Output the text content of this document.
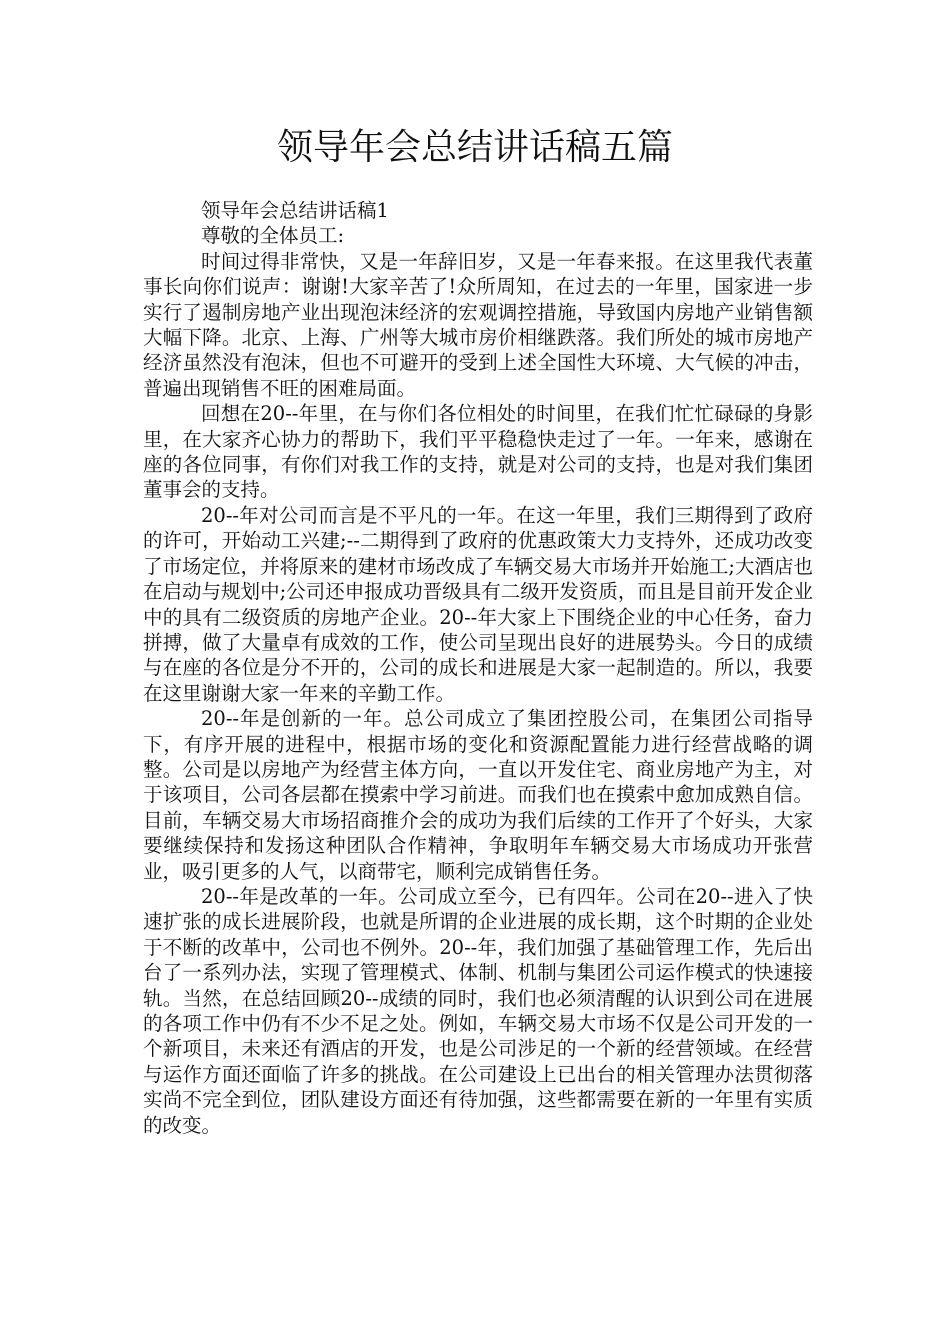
领导年会总结讲话稿五篇

领导年会总结讲话稿1

尊敬的全体员工:

时间过得非常快，又是一年辞旧岁，又是一年春来报。在这里我代表董事长向你们说声：谢谢!大家辛苦了!众所周知，在过去的一年里，国家进一步实行了遏制房地产业出现泡沫经济的宏观调控措施，导致国内房地产业销售额大幅下降。北京、上海、广州等大城市房价相继跌落。我们所处的城市房地产经济虽然没有泡沫，但也不可避开的受到上述全国性大环境、大气候的冲击，普遍出现销售不旺的困难局面。

回想在20--年里，在与你们各位相处的时间里，在我们忙忙碌碌的身影里，在大家齐心协力的帮助下，我们平平稳稳快走过了一年。一年来，感谢在座的各位同事，有你们对我工作的支持，就是对公司的支持，也是对我们集团董事会的支持。

20--年对公司而言是不平凡的一年。在这一年里，我们三期得到了政府的许可，开始动工兴建;--二期得到了政府的优惠政策大力支持外，还成功改变了市场定位，并将原来的建材市场改成了车辆交易大市场并开始施工;大酒店也在启动与规划中;公司还申报成功晋级具有二级开发资质，而且是目前开发企业中的具有二级资质的房地产企业。20--年大家上下围绕企业的中心任务，奋力拼搏，做了大量卓有成效的工作，使公司呈现出良好的进展势头。今日的成绩与在座的各位是分不开的，公司的成长和进展是大家一起制造的。所以，我要在这里谢谢大家一年来的辛勤工作。

20--年是创新的一年。总公司成立了集团控股公司，在集团公司指导下，有序开展的进程中，根据市场的变化和资源配置能力进行经营战略的调整。公司是以房地产为经营主体方向，一直以开发住宅、商业房地产为主，对于该项目，公司各层都在摸索中学习前进。而我们也在摸索中愈加成熟自信。目前，车辆交易大市场招商推介会的成功为我们后续的工作开了个好头，大家要继续保持和发扬这种团队合作精神，争取明年车辆交易大市场成功开张营业，吸引更多的人气，以商带宅，顺利完成销售任务。

20--年是改革的一年。公司成立至今，已有四年。公司在20--进入了快速扩张的成长进展阶段，也就是所谓的企业进展的成长期，这个时期的企业处于不断的改革中，公司也不例外。20--年，我们加强了基础管理工作，先后出台了一系列办法，实现了管理模式、体制、机制与集团公司运作模式的快速接轨。当然，在总结回顾20--成绩的同时，我们也必须清醒的认识到公司在进展的各项工作中仍有不少不足之处。例如，车辆交易大市场不仅是公司开发的一个新项目，未来还有酒店的开发，也是公司涉足的一个新的经营领域。在经营与运作方面还面临了许多的挑战。在公司建设上已出台的相关管理办法贯彻落实尚不完全到位，团队建设方面还有待加强，这些都需要在新的一年里有实质的改变。
